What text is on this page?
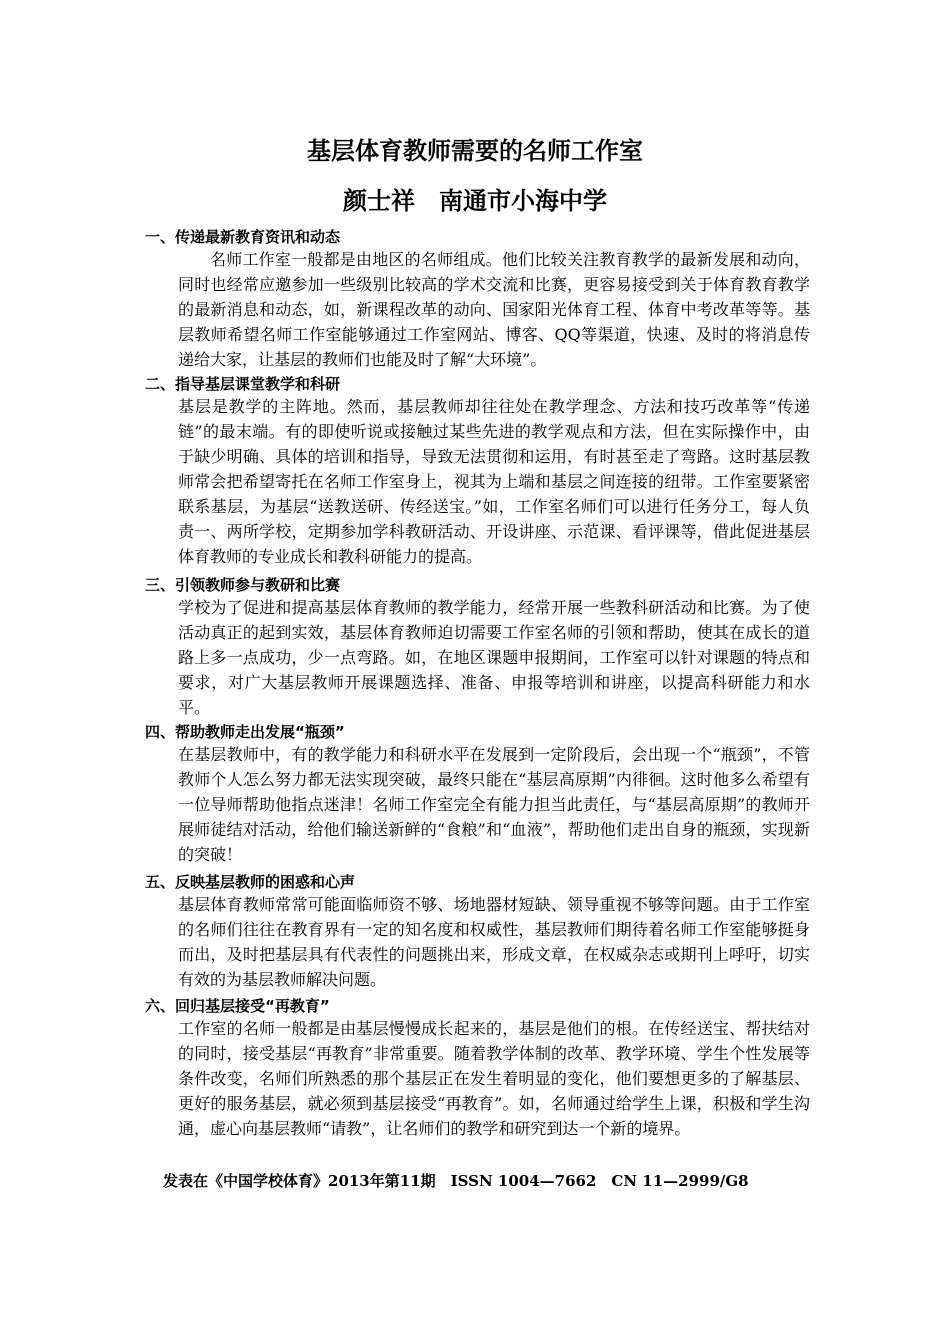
基层体育教师需要的名师工作室
颜士祥　南通市小海中学
一、传递最新教育资讯和动态

名师工作室一般都是由地区的名师组成。他们比较关注教育教学的最新发展和动向，同时也经常应邀参加一些级别比较高的学术交流和比赛，更容易接受到关于体育教育教学的最新消息和动态，如，新课程改革的动向、国家阳光体育工程、体育中考改革等等。基层教师希望名师工作室能够通过工作室网站、博客、QQ等渠道，快速、及时的将消息传递给大家，让基层的教师们也能及时了解“大环境”。

二、指导基层课堂教学和科研

基层是教学的主阵地。然而，基层教师却往往处在教学理念、方法和技巧改革等“传递链”的最末端。有的即使听说或接触过某些先进的教学观点和方法，但在实际操作中，由于缺少明确、具体的培训和指导，导致无法贯彻和运用，有时甚至走了弯路。这时基层教师常会把希望寄托在名师工作室身上，视其为上端和基层之间连接的纽带。工作室要紧密联系基层，为基层“送教送研、传经送宝。”如，工作室名师们可以进行任务分工，每人负责一、两所学校，定期参加学科教研活动、开设讲座、示范课、看评课等，借此促进基层体育教师的专业成长和教科研能力的提高。

三、引领教师参与教研和比赛

学校为了促进和提高基层体育教师的教学能力，经常开展一些教科研活动和比赛。为了使活动真正的起到实效，基层体育教师迫切需要工作室名师的引领和帮助，使其在成长的道路上多一点成功，少一点弯路。如，在地区课题申报期间，工作室可以针对课题的特点和要求，对广大基层教师开展课题选择、准备、申报等培训和讲座，以提高科研能力和水平。

四、帮助教师走出发展“瓶颈”

在基层教师中，有的教学能力和科研水平在发展到一定阶段后，会出现一个“瓶颈”，不管教师个人怎么努力都无法实现突破，最终只能在“基层高原期”内徘徊。这时他多么希望有一位导师帮助他指点迷津！名师工作室完全有能力担当此责任，与“基层高原期”的教师开展师徒结对活动，给他们输送新鲜的“食粮”和“血液”，帮助他们走出自身的瓶颈，实现新的突破！

五、反映基层教师的困惑和心声

基层体育教师常常可能面临师资不够、场地器材短缺、领导重视不够等问题。由于工作室的名师们往往在教育界有一定的知名度和权威性，基层教师们期待着名师工作室能够挺身而出，及时把基层具有代表性的问题挑出来，形成文章，在权威杂志或期刊上呼吁，切实有效的为基层教师解决问题。

六、回归基层接受“再教育”

工作室的名师一般都是由基层慢慢成长起来的，基层是他们的根。在传经送宝、帮扶结对的同时，接受基层“再教育”非常重要。随着教学体制的改革、教学环境、学生个性发展等条件改变，名师们所熟悉的那个基层正在发生着明显的变化，他们要想更多的了解基层、更好的服务基层，就必须到基层接受“再教育”。如，名师通过给学生上课，积极和学生沟通，虚心向基层教师“请教”，让名师们的教学和研究到达一个新的境界。

发表在《中国学校体育》2013年第11期　ISSN 1004—7662　CN 11—2999/G8
